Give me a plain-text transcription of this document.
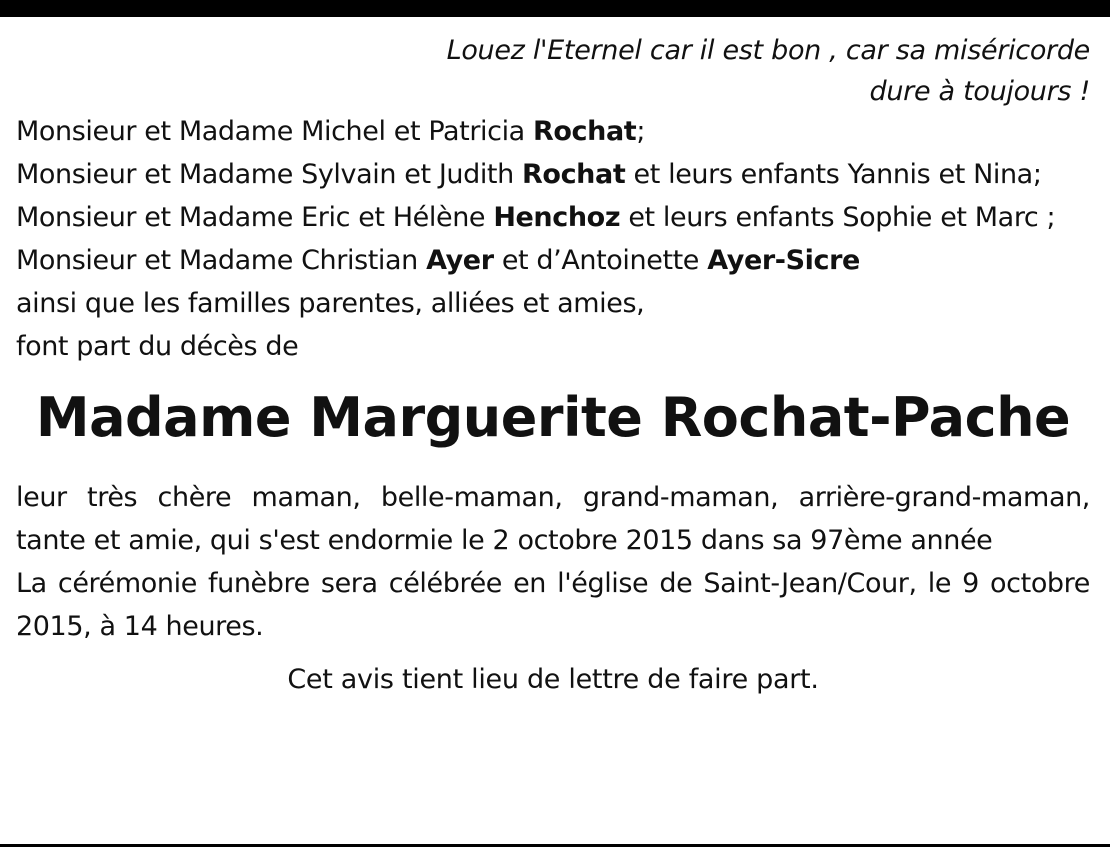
Louez l'Eternel car il est bon , car sa miséricorde
dure à toujours !

Monsieur et Madame Michel et Patricia Rochat;

Monsieur et Madame Sylvain et Judith Rochat et leurs enfants Yannis et Nina;

Monsieur et Madame Eric et Hélène Henchoz et leurs enfants Sophie et Marc ;

Monsieur et Madame Christian Ayer et d’Antoinette Ayer-Sicre

ainsi que les familles parentes, alliées et amies,

font part du décès de

Madame Marguerite Rochat-Pache

leur très chère maman, belle-maman, grand-maman, arrière-grand-maman, tante et amie, qui s'est endormie le 2 octobre 2015 dans sa 97ème année

La cérémonie funèbre sera célébrée en l'église de Saint-Jean/Cour, le 9 octobre 2015, à 14 heures.

Cet avis tient lieu de lettre de faire part.
